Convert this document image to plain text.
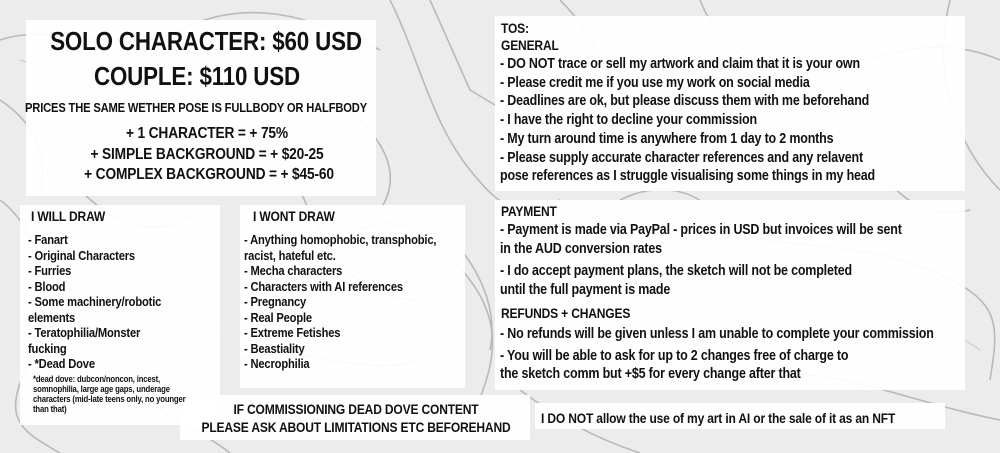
SOLO CHARACTER: $60 USD
COUPLE: $110 USD
PRICES THE SAME WETHER POSE IS FULLBODY OR HALFBODY
+ 1 CHARACTER = + 75%
+ SIMPLE BACKGROUND = + $20-25
+ COMPLEX BACKGROUND = + $45-60
I WILL DRAW
- Fanart
- Original Characters
- Furries
- Blood
- Some machinery/robotic
elements
- Teratophilia/Monster
fucking
- *Dead Dove
*dead dove: dubcon/noncon, incest,
somnophilia, large age gaps, underage
characters (mid-late teens only, no younger
than that)
I WONT DRAW
- Anything homophobic, transphobic,
racist, hateful etc.
- Mecha characters
- Characters with AI references
- Pregnancy
- Real People
- Extreme Fetishes
- Beastiality
- Necrophilia
IF COMMISSIONING DEAD DOVE CONTENT
PLEASE ASK ABOUT LIMITATIONS ETC BEFOREHAND
TOS:
GENERAL
- DO NOT trace or sell my artwork and claim that it is your own
- Please credit me if you use my work on social media
- Deadlines are ok, but please discuss them with me beforehand
- I have the right to decline your commission
- My turn around time is anywhere from 1 day to 2 months
- Please supply accurate character references and any relavent
pose references as I struggle visualising some things in my head
PAYMENT
- Payment is made via PayPal - prices in USD but invoices will be sent
in the AUD conversion rates
- I do accept payment plans, the sketch will not be completed
until the full payment is made
REFUNDS + CHANGES
- No refunds will be given unless I am unable to complete your commission
- You will be able to ask for up to 2 changes free of charge to
the sketch comm but +$5 for every change after that
I DO NOT allow the use of my art in AI or the sale of it as an NFT
